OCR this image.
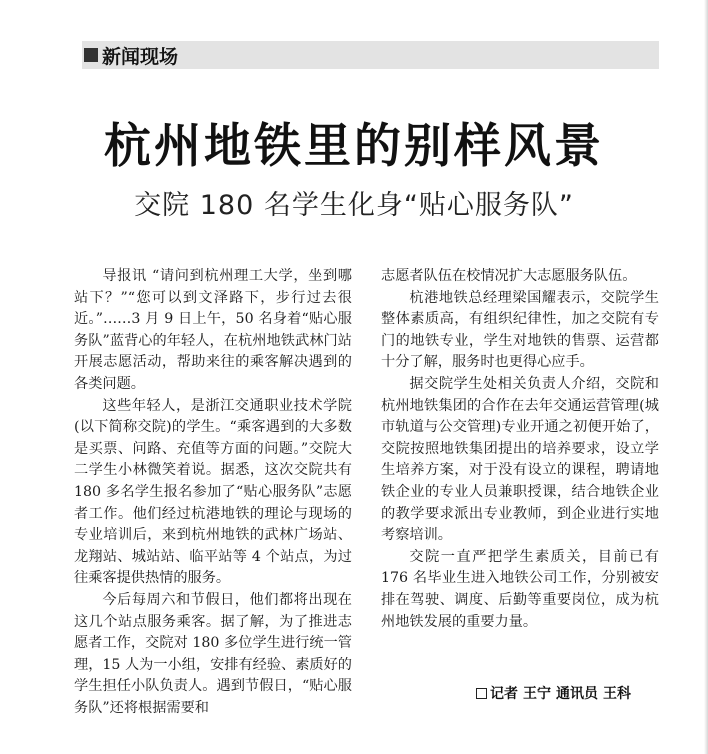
新闻现场
杭州地铁里的别样风景
交院 180 名学生化身“贴心服务队”

导报讯 “请问到杭州理工大学，坐到哪站下？”“您可以到文泽路下，步行过去很近。”……3 月 9 日上午，50 名身着“贴心服务队”蓝背心的年轻人，在杭州地铁武林门站开展志愿活动，帮助来往的乘客解决遇到的各类问题。

这些年轻人，是浙江交通职业技术学院(以下简称交院)的学生。“乘客遇到的大多数是买票、问路、充值等方面的问题。”交院大二学生小林微笑着说。据悉，这次交院共有 180 多名学生报名参加了“贴心服务队”志愿者工作。他们经过杭港地铁的理论与现场的专业培训后，来到杭州地铁的武林广场站、龙翔站、城站站、临平站等 4 个站点，为过往乘客提供热情的服务。

今后每周六和节假日，他们都将出现在这几个站点服务乘客。据了解，为了推进志愿者工作，交院对 180 多位学生进行统一管理，15 人为一小组，安排有经验、素质好的学生担任小队负责人。遇到节假日，“贴心服务队”还将根据需要和

志愿者队伍在校情况扩大志愿服务队伍。

杭港地铁总经理梁国耀表示，交院学生整体素质高，有组织纪律性，加之交院有专门的地铁专业，学生对地铁的售票、运营都十分了解，服务时也更得心应手。

据交院学生处相关负责人介绍，交院和杭州地铁集团的合作在去年交通运营管理(城市轨道与公交管理)专业开通之初便开始了，交院按照地铁集团提出的培养要求，设立学生培养方案，对于没有设立的课程，聘请地铁企业的专业人员兼职授课，结合地铁企业的教学要求派出专业教师，到企业进行实地考察培训。

交院一直严把学生素质关，目前已有 176 名毕业生进入地铁公司工作，分别被安排在驾驶、调度、后勤等重要岗位，成为杭州地铁发展的重要力量。

记者 王宁 通讯员 王科
